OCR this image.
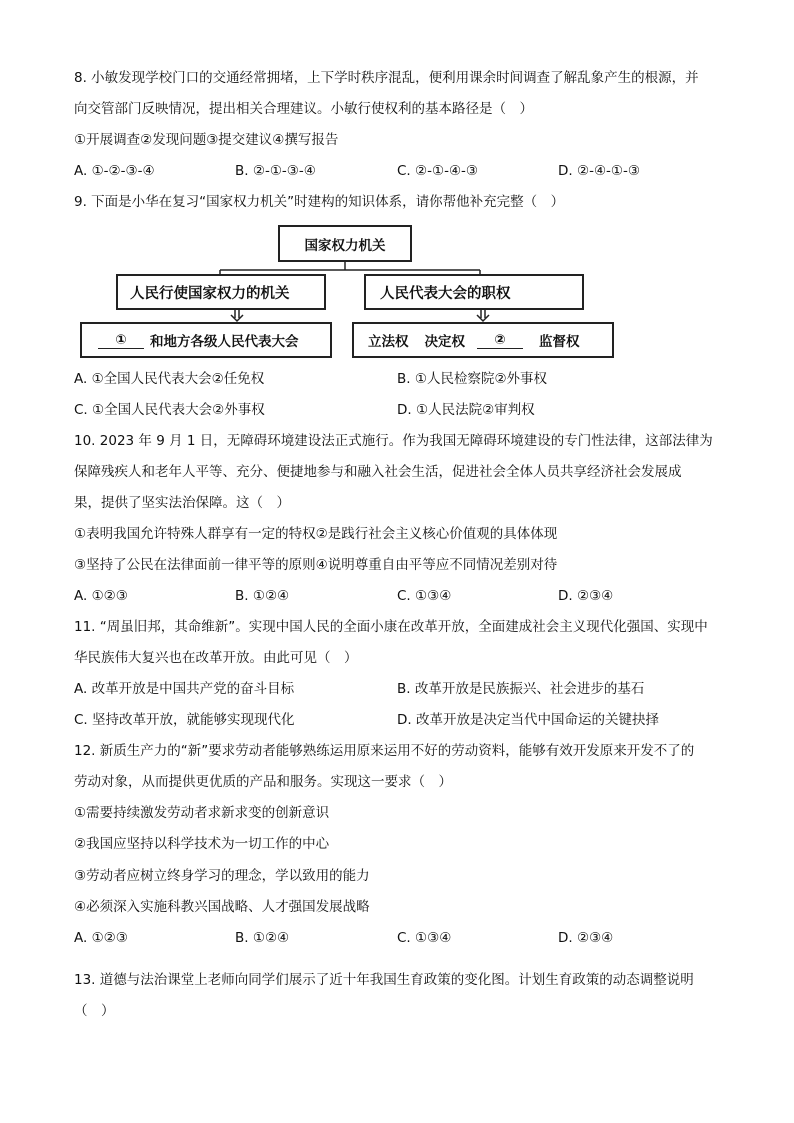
8. 小敏发现学校门口的交通经常拥堵，上下学时秩序混乱，便利用课余时间调查了解乱象产生的根源，并
向交管部门反映情况，提出相关合理建议。小敏行使权利的基本路径是（　）
①开展调查②发现问题③提交建议④撰写报告
A. ①-②-③-④	B. ②-①-③-④	C. ②-①-④-③	D. ②-④-①-③
9. 下面是小华在复习“国家权力机关”时建构的知识体系，请你帮他补充完整（　）
国家权力机关
人民行使国家权力的机关	人民代表大会的职权
①	和地方各级人民代表大会	立法权 决定权	②	监督权
A. ①全国人民代表大会②任免权	B. ①人民检察院②外事权
C. ①全国人民代表大会②外事权	D. ①人民法院②审判权
10. 2023 年 9 月 1 日，无障碍环境建设法正式施行。作为我国无障碍环境建设的专门性法律，这部法律为
保障残疾人和老年人平等、充分、便捷地参与和融入社会生活，促进社会全体人员共享经济社会发展成
果，提供了坚实法治保障。这（　）
①表明我国允许特殊人群享有一定的特权②是践行社会主义核心价值观的具体体现
③坚持了公民在法律面前一律平等的原则④说明尊重自由平等应不同情况差别对待
A. ①②③	B. ①②④	C. ①③④	D. ②③④
11. “周虽旧邦，其命维新”。实现中国人民的全面小康在改革开放，全面建成社会主义现代化强国、实现中
华民族伟大复兴也在改革开放。由此可见（　）
A. 改革开放是中国共产党的奋斗目标	B. 改革开放是民族振兴、社会进步的基石
C. 坚持改革开放，就能够实现现代化	D. 改革开放是决定当代中国命运的关键抉择
12. 新质生产力的“新”要求劳动者能够熟练运用原来运用不好的劳动资料，能够有效开发原来开发不了的
劳动对象，从而提供更优质的产品和服务。实现这一要求（　）
①需要持续激发劳动者求新求变的创新意识
②我国应坚持以科学技术为一切工作的中心
③劳动者应树立终身学习的理念，学以致用的能力
④必须深入实施科教兴国战略、人才强国发展战略
A. ①②③	B. ①②④	C. ①③④	D. ②③④
13. 道德与法治课堂上老师向同学们展示了近十年我国生育政策的变化图。计划生育政策的动态调整说明
（　）
